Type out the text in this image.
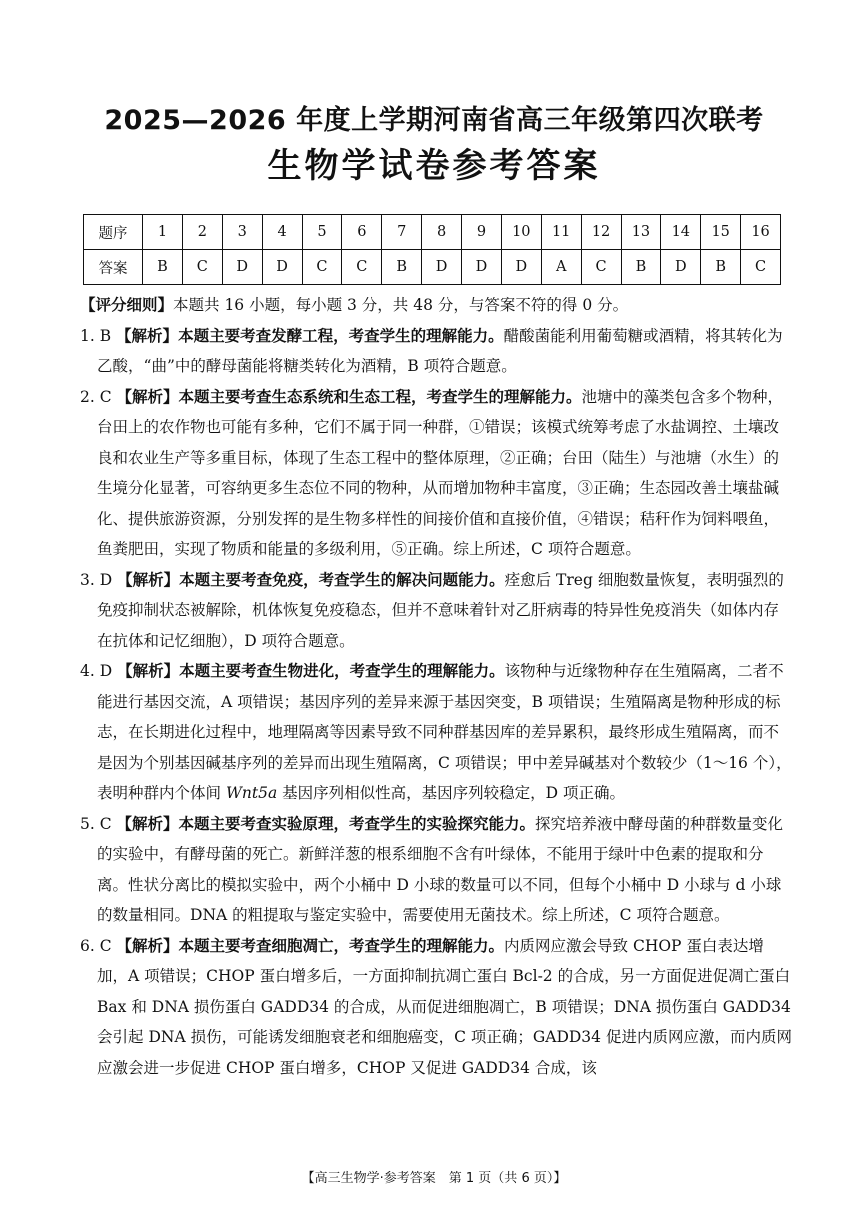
2025—2026 年度上学期河南省高三年级第四次联考
生物学试卷参考答案
题序	1	2	3	4	5	6	7	8	9	10	11	12	13	14	15	16
答案	B	C	D	D	C	C	B	D	D	D	A	C	B	D	B	C

【评分细则】本题共 16 小题，每小题 3 分，共 48 分，与答案不符的得 0 分。

1. B 【解析】本题主要考查发酵工程，考查学生的理解能力。醋酸菌能利用葡萄糖或酒精，将其转化为乙酸，“曲”中的酵母菌能将糖类转化为酒精，B 项符合题意。

2. C 【解析】本题主要考查生态系统和生态工程，考查学生的理解能力。池塘中的藻类包含多个物种，台田上的农作物也可能有多种，它们不属于同一种群，①错误；该模式统筹考虑了水盐调控、土壤改良和农业生产等多重目标，体现了生态工程中的整体原理，②正确；台田（陆生）与池塘（水生）的生境分化显著，可容纳更多生态位不同的物种，从而增加物种丰富度，③正确；生态园改善土壤盐碱化、提供旅游资源，分别发挥的是生物多样性的间接价值和直接价值，④错误；秸秆作为饲料喂鱼，鱼粪肥田，实现了物质和能量的多级利用，⑤正确。综上所述，C 项符合题意。

3. D 【解析】本题主要考查免疫，考查学生的解决问题能力。痊愈后 Treg 细胞数量恢复，表明强烈的免疫抑制状态被解除，机体恢复免疫稳态，但并不意味着针对乙肝病毒的特异性免疫消失（如体内存在抗体和记忆细胞），D 项符合题意。

4. D 【解析】本题主要考查生物进化，考查学生的理解能力。该物种与近缘物种存在生殖隔离，二者不能进行基因交流，A 项错误；基因序列的差异来源于基因突变，B 项错误；生殖隔离是物种形成的标志，在长期进化过程中，地理隔离等因素导致不同种群基因库的差异累积，最终形成生殖隔离，而不是因为个别基因碱基序列的差异而出现生殖隔离，C 项错误；甲中差异碱基对个数较少（1～16 个），表明种群内个体间 Wnt5a 基因序列相似性高，基因序列较稳定，D 项正确。

5. C 【解析】本题主要考查实验原理，考查学生的实验探究能力。探究培养液中酵母菌的种群数量变化的实验中，有酵母菌的死亡。新鲜洋葱的根系细胞不含有叶绿体，不能用于绿叶中色素的提取和分离。性状分离比的模拟实验中，两个小桶中 D 小球的数量可以不同，但每个小桶中 D 小球与 d 小球的数量相同。DNA 的粗提取与鉴定实验中，需要使用无菌技术。综上所述，C 项符合题意。

6. C 【解析】本题主要考查细胞凋亡，考查学生的理解能力。内质网应激会导致 CHOP 蛋白表达增加，A 项错误；CHOP 蛋白增多后，一方面抑制抗凋亡蛋白 Bcl-2 的合成，另一方面促进促凋亡蛋白 Bax 和 DNA 损伤蛋白 GADD34 的合成，从而促进细胞凋亡，B 项错误；DNA 损伤蛋白 GADD34 会引起 DNA 损伤，可能诱发细胞衰老和细胞癌变，C 项正确；GADD34 促进内质网应激，而内质网应激会进一步促进 CHOP 蛋白增多，CHOP 又促进 GADD34 合成，该

【高三生物学·参考答案　第 1 页（共 6 页）】
